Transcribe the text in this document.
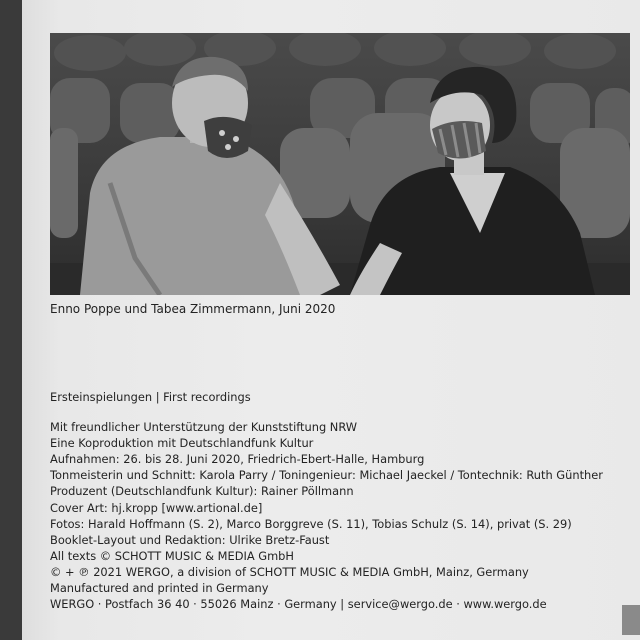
Enno Poppe und Tabea Zimmermann, Juni 2020
Ersteinspielungen | First recordings
Mit freundlicher Unterstützung der Kunststiftung NRW
Eine Koproduktion mit Deutschlandfunk Kultur
Aufnahmen: 26. bis 28. Juni 2020, Friedrich-Ebert-Halle, Hamburg
Tonmeisterin und Schnitt: Karola Parry / Toningenieur: Michael Jaeckel / Tontechnik: Ruth Günther
Produzent (Deutschlandfunk Kultur): Rainer Pöllmann
Cover Art: hj.kropp [www.artional.de]
Fotos: Harald Hoffmann (S. 2), Marco Borggreve (S. 11), Tobias Schulz (S. 14), privat (S. 29)
Booklet-Layout und Redaktion: Ulrike Bretz-Faust
All texts © SCHOTT MUSIC & MEDIA GmbH
© + ℗ 2021 WERGO, a division of SCHOTT MUSIC & MEDIA GmbH, Mainz, Germany
Manufactured and printed in Germany
WERGO · Postfach 36 40 · 55026 Mainz · Germany | service@wergo.de · www.wergo.de
